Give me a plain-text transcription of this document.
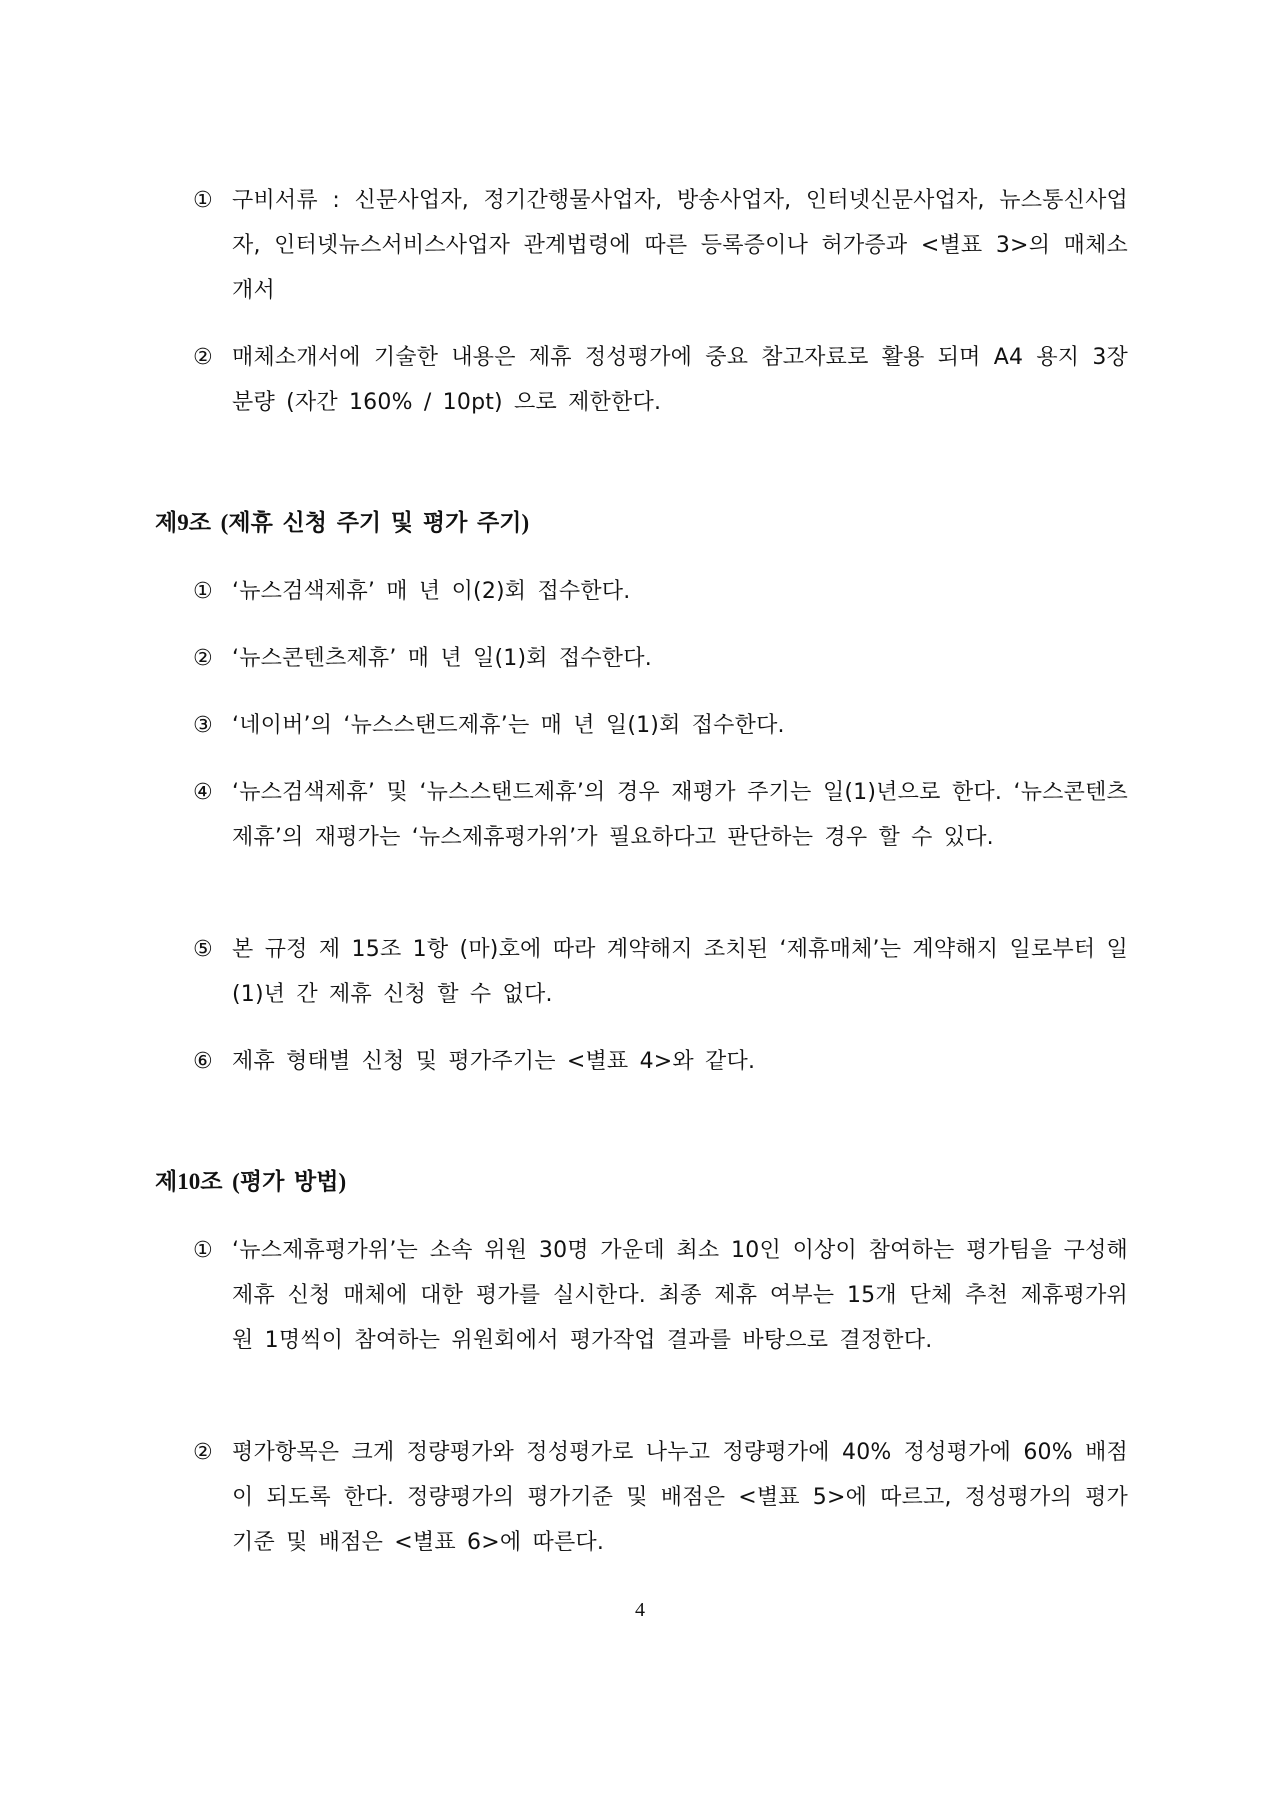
① 구비서류 : 신문사업자, 정기간행물사업자, 방송사업자, 인터넷신문사업자, 뉴스통신사업자, 인터넷뉴스서비스사업자 관계법령에 따른 등록증이나 허가증과 <별표 3>의 매체소개서
② 매체소개서에 기술한 내용은 제휴 정성평가에 중요 참고자료로 활용 되며 A4 용지 3장 분량 (자간 160% / 10pt) 으로 제한한다.
제9조 (제휴 신청 주기 및 평가 주기)
① ‘뉴스검색제휴’ 매 년 이(2)회 접수한다.
② ‘뉴스콘텐츠제휴’ 매 년 일(1)회 접수한다.
③ ‘네이버’의 ‘뉴스스탠드제휴’는 매 년 일(1)회 접수한다.
④ ‘뉴스검색제휴’ 및 ‘뉴스스탠드제휴’의 경우 재평가 주기는 일(1)년으로 한다. ‘뉴스콘텐츠제휴’의 재평가는 ‘뉴스제휴평가위’가 필요하다고 판단하는 경우 할 수 있다.
⑤ 본 규정 제 15조 1항 (마)호에 따라 계약해지 조치된 ‘제휴매체’는 계약해지 일로부터 일(1)년 간 제휴 신청 할 수 없다.
⑥ 제휴 형태별 신청 및 평가주기는 <별표 4>와 같다.
제10조 (평가 방법)
① ‘뉴스제휴평가위’는 소속 위원 30명 가운데 최소 10인 이상이 참여하는 평가팀을 구성해 제휴 신청 매체에 대한 평가를 실시한다. 최종 제휴 여부는 15개 단체 추천 제휴평가위원 1명씩이 참여하는 위원회에서 평가작업 결과를 바탕으로 결정한다.
② 평가항목은 크게 정량평가와 정성평가로 나누고 정량평가에 40% 정성평가에 60% 배점이 되도록 한다. 정량평가의 평가기준 및 배점은 <별표 5>에 따르고, 정성평가의 평가기준 및 배점은 <별표 6>에 따른다.
4
